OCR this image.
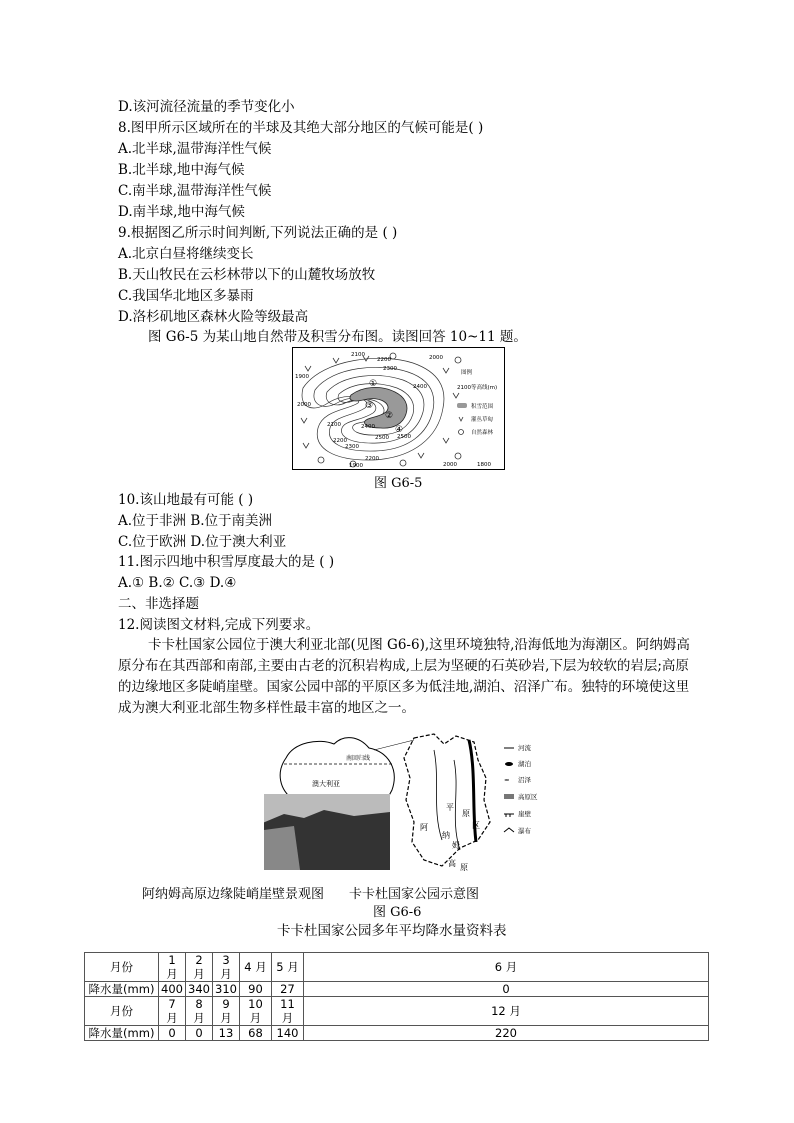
D.该河流径流量的季节变化小
8.图甲所示区域所在的半球及其绝大部分地区的气候可能是( )
A.北半球,温带海洋性气候
B.北半球,地中海气候
C.南半球,温带海洋性气候
D.南半球,地中海气候
9.根据图乙所示时间判断,下列说法正确的是 ( )
A.北京白昼将继续变长
B.天山牧民在云杉林带以下的山麓牧场放牧
C.我国华北地区多暴雨
D.洛杉矶地区森林火险等级最高
图 G6-5 为某山地自然带及积雪分布图。读图回答 10~11 题。
①
②
③
④
2000
2100
2200
2300
2400
2500
1900
2000
2100
2200
2300
2400
2500
2200
1900	2000	1800
图例
2100等高线(m)
积雪范围
灌丛草甸
自然森林
图 G6-5
10.该山地最有可能 ( )
A.位于非洲 B.位于南美洲
C.位于欧洲 D.位于澳大利亚
11.图示四地中积雪厚度最大的是 ( )
A.① B.② C.③ D.④
二、非选择题
12.阅读图文材料,完成下列要求。
卡卡杜国家公园位于澳大利亚北部(见图 G6-6),这里环境独特,沿海低地为海潮区。阿纳姆高原分布在其西部和南部,主要由古老的沉积岩构成,上层为坚硬的石英砂岩,下层为较软的岩层;高原的边缘地区多陡峭崖壁。国家公园中部的平原区多为低洼地,湖泊、沼泽广布。独特的环境使这里成为澳大利亚北部生物多样性最丰富的地区之一。
南回归线
澳大利亚
阿
纳
姆
平
原
区
高 原
河流
湖泊
≈ 沼泽
高原区
崖壁
瀑布
阿纳姆高原边缘陡峭崖壁景观图 卡卡杜国家公园示意图
图 G6-6
卡卡杜国家公园多年平均降水量资料表
月份	1 月	2 月	3 月	4 月	5 月	6 月
降水量(mm)	400	340	310	90	27	0
月份	7 月	8 月	9 月	10 月	11 月	12 月
降水量(mm)	0	0	13	68	140	220
